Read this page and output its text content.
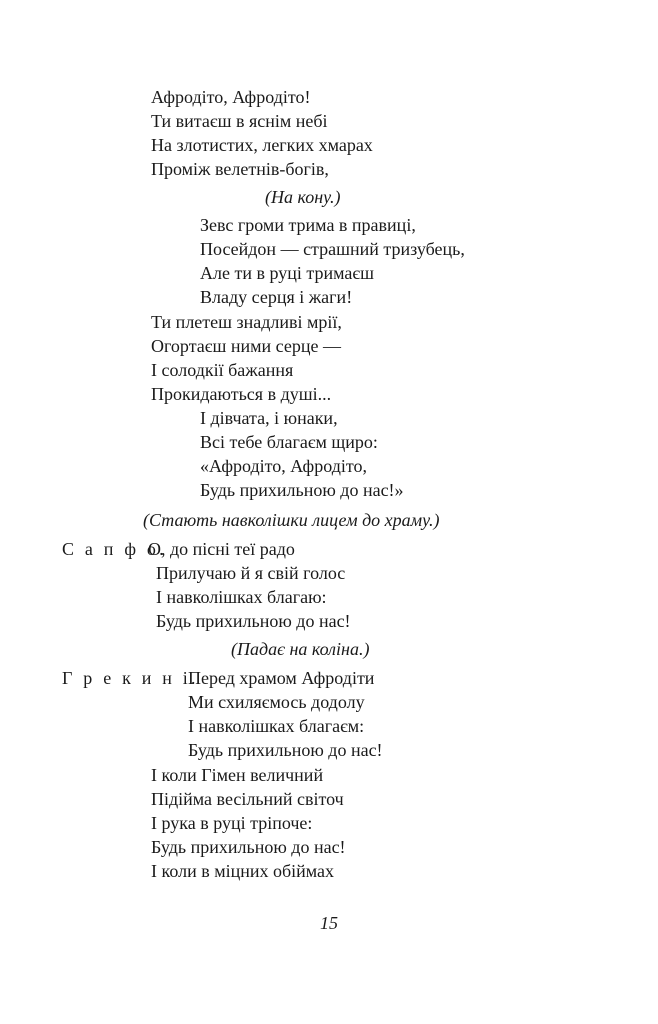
Афродіто, Афродіто!
Ти витаєш в яснім небі
На злотистих, легких хмарах
Проміж велетнів-богів,
(На кону.)
Зевс громи трима в правиці,
Посейдон — страшний тризубець,
Але ти в руці тримаєш
Владу серця і жаги!
Ти плетеш знадливі мрії,
Огортаєш ними серце —
І солодкії бажання
Прокидаються в душі...
І дівчата, і юнаки,
Всі тебе благаєм щиро:
«Афродіто, Афродіто,
Будь прихильною до нас!»
(Стають навколішки лицем до храму.)
С а п ф о.
О, до пісні теї радо
Прилучаю й я свій голос
І навколішках благаю:
Будь прихильною до нас!
(Падає на коліна.)
Г р е к и н і.
Перед храмом Афродіти
Ми схиляємось додолу
І навколішках благаєм:
Будь прихильною до нас!
І коли Гімен величний
Підійма весільний світоч
І рука в руці тріпоче:
Будь прихильною до нас!
І коли в міцних обіймах
15
